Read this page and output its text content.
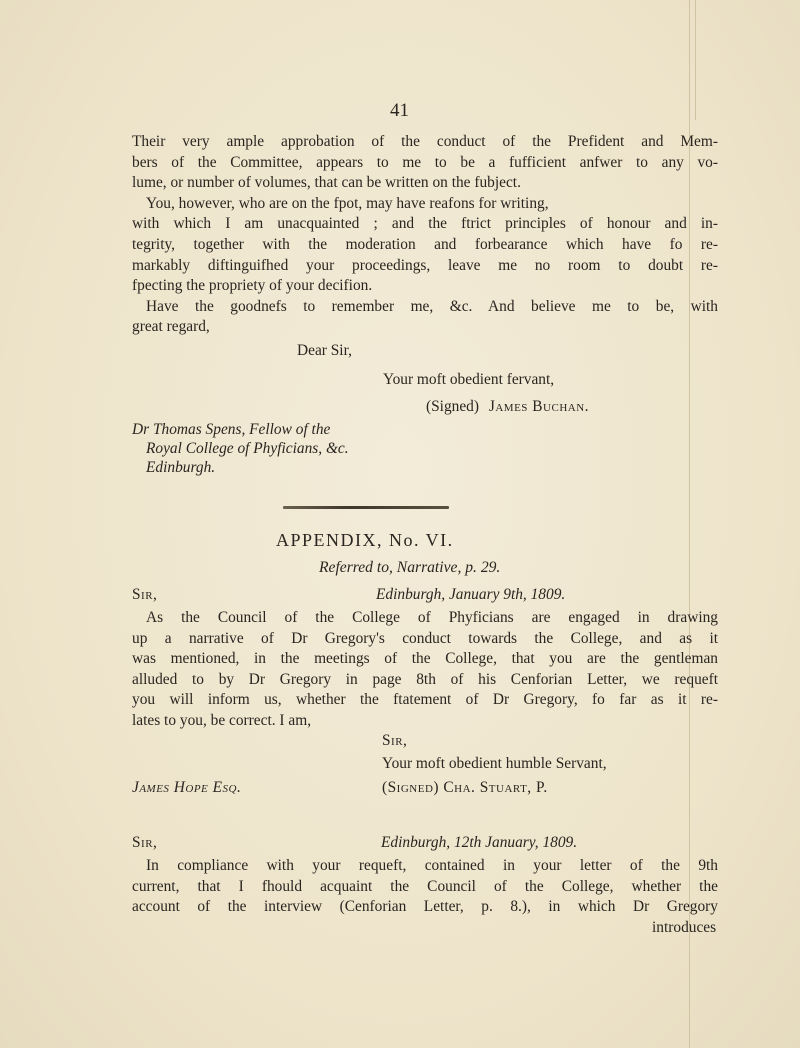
41
Their very ample approbation of the conduct of the Prefident and Mem-
bers of the Committee, appears to me to be a fufficient anfwer to any vo-
lume, or number of volumes, that can be written on the fubject.
You, however, who are on the fpot, may have reafons for writing,
with which I am unacquainted ; and the ftrict principles of honour and in-
tegrity, together with the moderation and forbearance which have fo re-
markably diftinguifhed your proceedings, leave me no room to doubt re-
fpecting the propriety of your decifion.
Have the goodnefs to remember me, &c. And believe me to be, with
great regard,
Dear Sir,
Your moft obedient fervant,
(Signed) James Buchan.
Dr Thomas Spens, Fellow of the
Royal College of Phyficians, &c.
Edinburgh.
APPENDIX, No. VI.
Referred to, Narrative, p. 29.
Sir,	Edinburgh, January 9th, 1809.
As the Council of the College of Phyficians are engaged in drawing
up a narrative of Dr Gregory's conduct towards the College, and as it
was mentioned, in the meetings of the College, that you are the gentleman
alluded to by Dr Gregory in page 8th of his Cenforian Letter, we requeft
you will inform us, whether the ftatement of Dr Gregory, fo far as it re-
lates to you, be correct. I am,
Sir,
Your moft obedient humble Servant,
James Hope Esq.	(Signed) Cha. Stuart, P.
Sir,	Edinburgh, 12th January, 1809.
In compliance with your requeft, contained in your letter of the 9th
current, that I fhould acquaint the Council of the College, whether the
account of the interview (Cenforian Letter, p. 8.), in which Dr Gregory
introduces
